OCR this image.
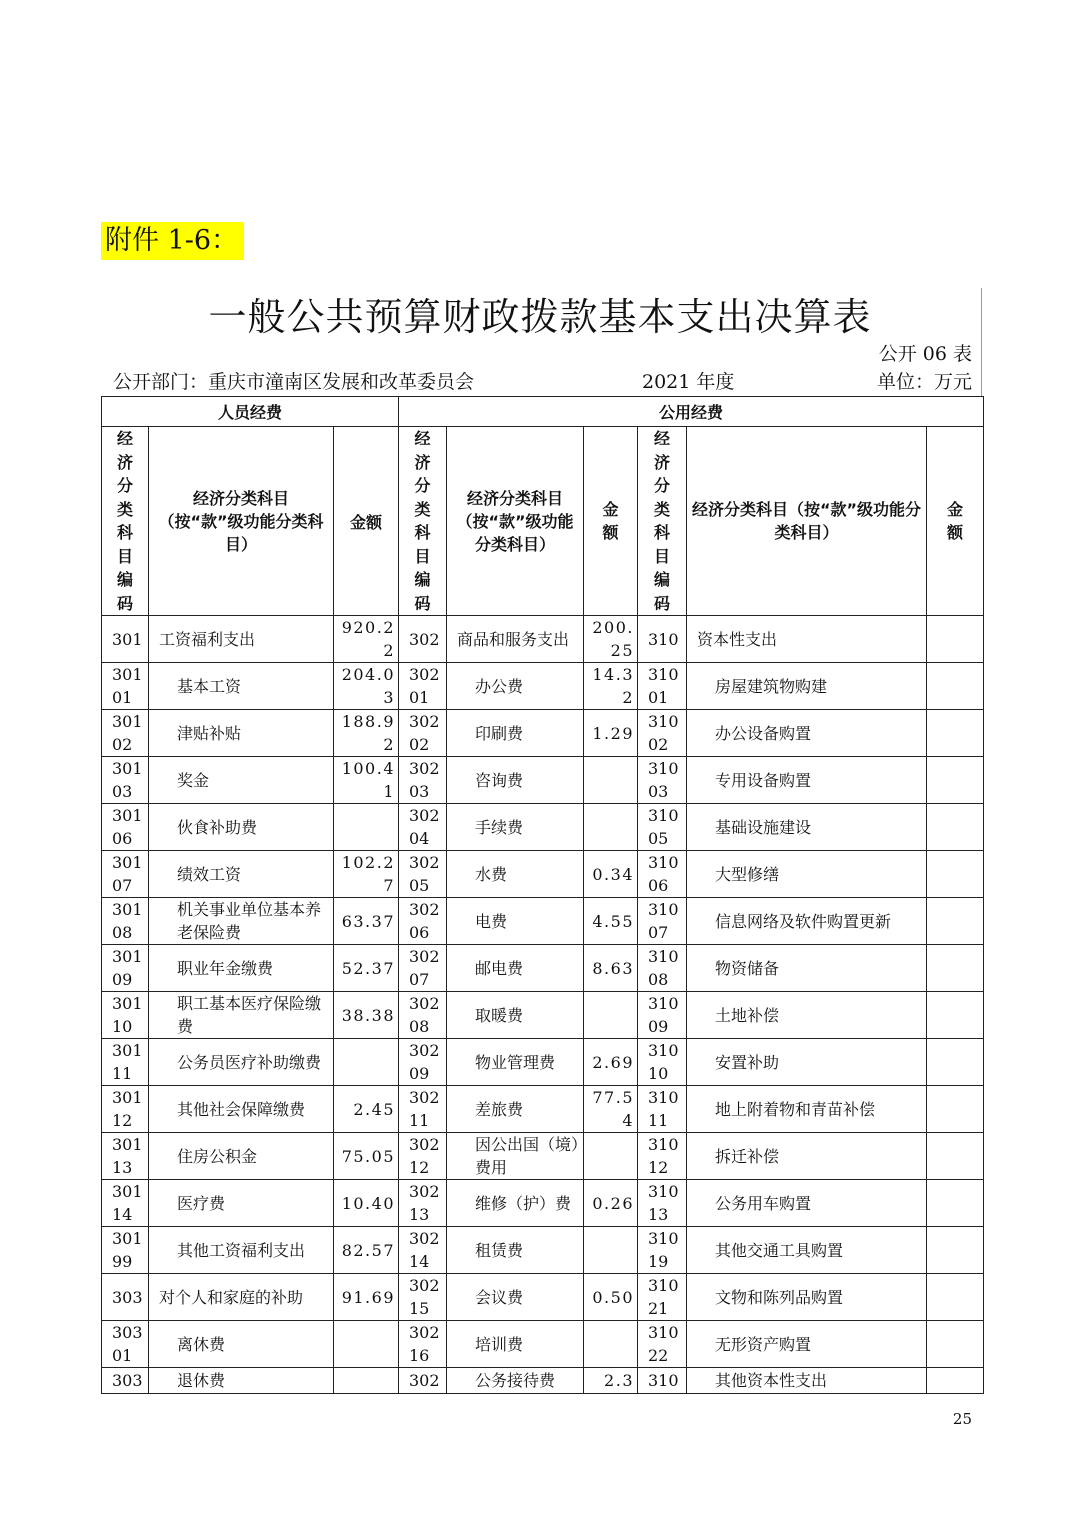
附件 1-6：
一般公共预算财政拨款基本支出决算表
公开 06 表
公开部门：重庆市潼南区发展和改革委员会	2021 年度	单位：万元
人员经费			公用经费					

经济分类科目编码	经济分类科目（按“款”级功能分类科目）	金额	经济分类科目编码	经济分类科目（按“款”级功能分类科目）	金额	经济分类科目编码	经济分类科目（按“款”级功能分类科目）	金额

301	工资福利支出	920.22	302	商品和服务支出	200.25	310	资本性支出	
30101	基本工资	204.03	30201	办公费	14.32	31001	房屋建筑物购建	
30102	津贴补贴	188.92	30202	印刷费	1.29	31002	办公设备购置	
30103	奖金	100.41	30203	咨询费		31003	专用设备购置	
30106	伙食补助费		30204	手续费		31005	基础设施建设	
30107	绩效工资	102.27	30205	水费	0.34	31006	大型修缮	
30108	机关事业单位基本养老保险费	63.37	30206	电费	4.55	31007	信息网络及软件购置更新	
30109	职业年金缴费	52.37	30207	邮电费	8.63	31008	物资储备	
30110	职工基本医疗保险缴费	38.38	30208	取暖费		31009	土地补偿	
30111	公务员医疗补助缴费		30209	物业管理费	2.69	31010	安置补助	
30112	其他社会保障缴费	2.45	30211	差旅费	77.54	31011	地上附着物和青苗补偿	
30113	住房公积金	75.05	30212	因公出国（境）费用		31012	拆迁补偿	
30114	医疗费	10.40	30213	维修（护）费	0.26	31013	公务用车购置	
30199	其他工资福利支出	82.57	30214	租赁费		31019	其他交通工具购置	
303	对个人和家庭的补助	91.69	30215	会议费	0.50	31021	文物和陈列品购置	
30301	离休费		30216	培训费		31022	无形资产购置	
303	退休费		302	公务接待费	2.3	310	其他资本性支出	
25
